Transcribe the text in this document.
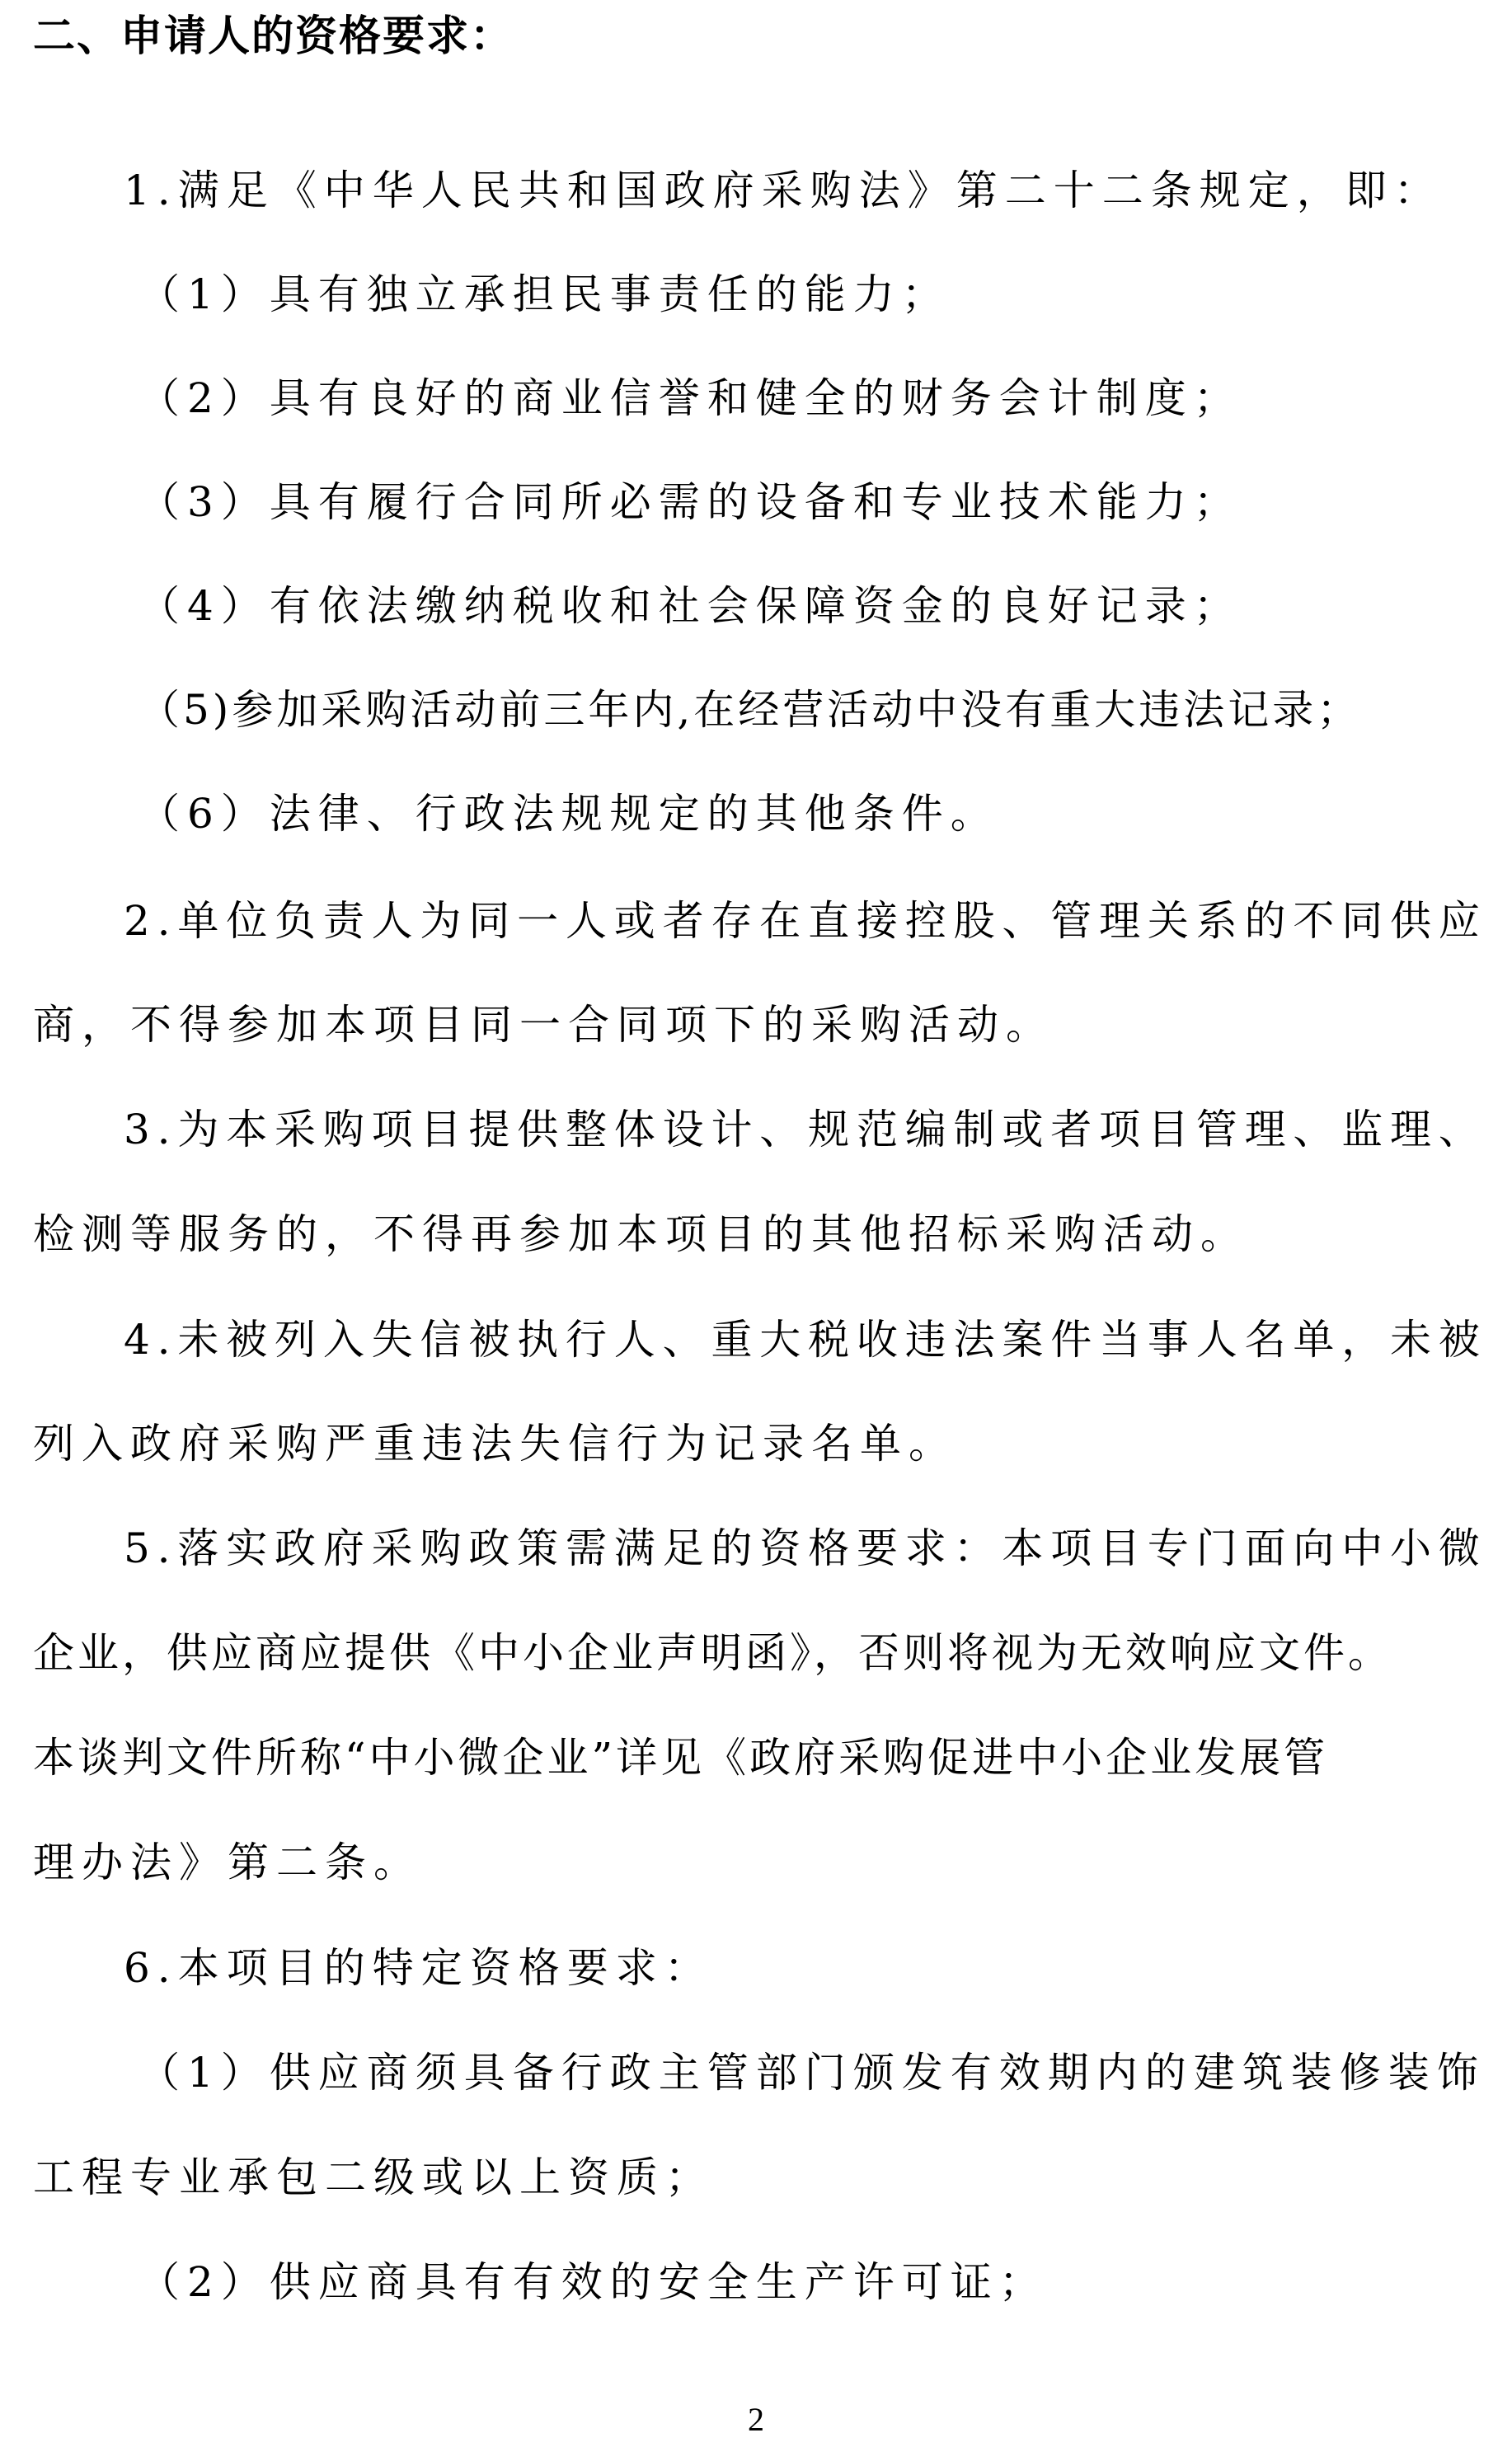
二、申请人的资格要求：
1.满足《中华人民共和国政府采购法》第二十二条规定，即：
（1）具有独立承担民事责任的能力；
（2）具有良好的商业信誉和健全的财务会计制度；
（3）具有履行合同所必需的设备和专业技术能力；
（4）有依法缴纳税收和社会保障资金的良好记录；
（5)参加采购活动前三年内,在经营活动中没有重大违法记录；
（6）法律、行政法规规定的其他条件。
2.单位负责人为同一人或者存在直接控股、管理关系的不同供应
商，不得参加本项目同一合同项下的采购活动。
3.为本采购项目提供整体设计、规范编制或者项目管理、监理、
检测等服务的，不得再参加本项目的其他招标采购活动。
4.未被列入失信被执行人、重大税收违法案件当事人名单，未被
列入政府采购严重违法失信行为记录名单。
5.落实政府采购政策需满足的资格要求：本项目专门面向中小微
企业，供应商应提供《中小企业声明函》，否则将视为无效响应文件。
本谈判文件所称“中小微企业”详见《政府采购促进中小企业发展管
理办法》第二条。
6.本项目的特定资格要求：
（1）供应商须具备行政主管部门颁发有效期内的建筑装修装饰
工程专业承包二级或以上资质；
（2）供应商具有有效的安全生产许可证；
2
